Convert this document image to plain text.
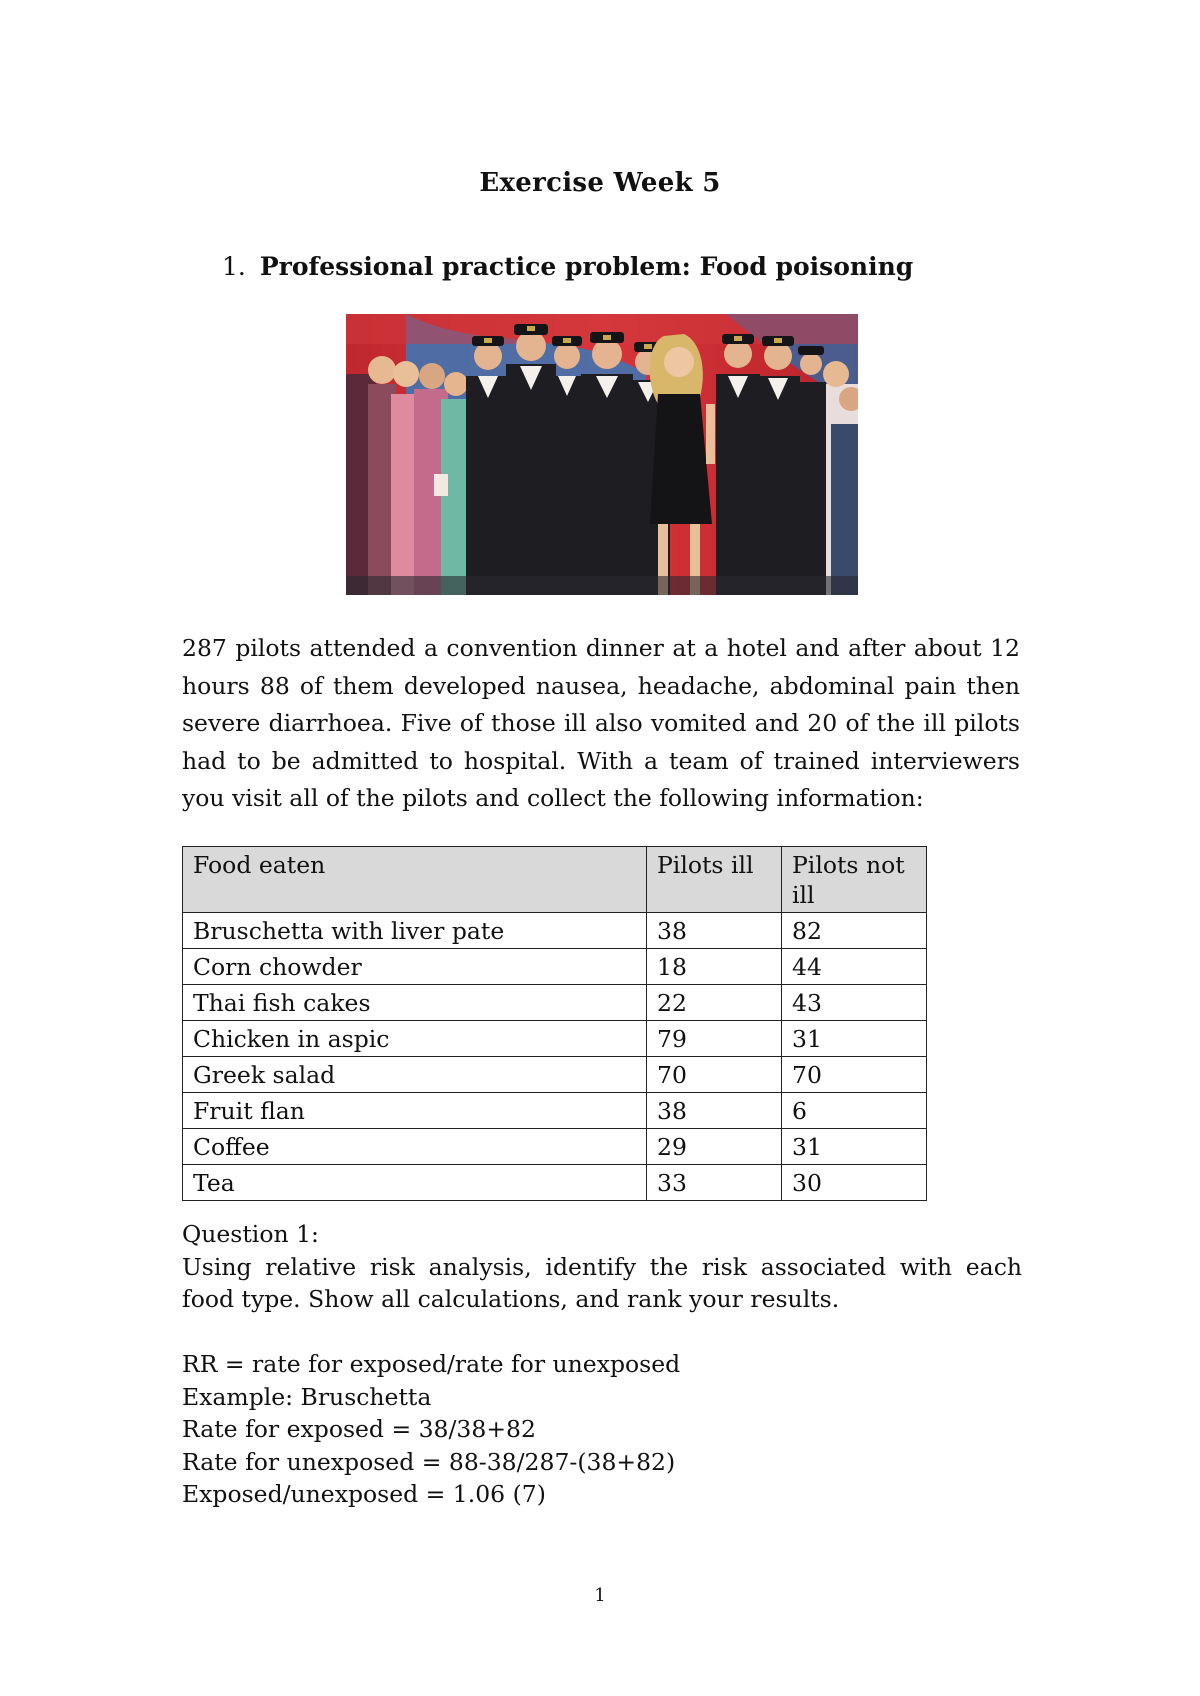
Exercise Week 5
1. Professional practice problem: Food poisoning

287 pilots attended a convention dinner at a hotel and after about 12 hours 88 of them developed nausea, headache, abdominal pain then severe diarrhoea. Five of those ill also vomited and 20 of the ill pilots had to be admitted to hospital. With a team of trained interviewers you visit all of the pilots and collect the following information:

Food eaten	Pilots ill	Pilots not ill
Bruschetta with liver pate	38	82
Corn chowder	18	44
Thai fish cakes	22	43
Chicken in aspic	79	31
Greek salad	70	70
Fruit flan	38	6
Coffee	29	31
Tea	33	30
Question 1:
Using relative risk analysis, identify the risk associated with each food type. Show all calculations, and rank your results.
RR = rate for exposed/rate for unexposed
Example: Bruschetta
Rate for exposed = 38/38+82
Rate for unexposed = 88-38/287-(38+82)
Exposed/unexposed = 1.06 (7)
1
